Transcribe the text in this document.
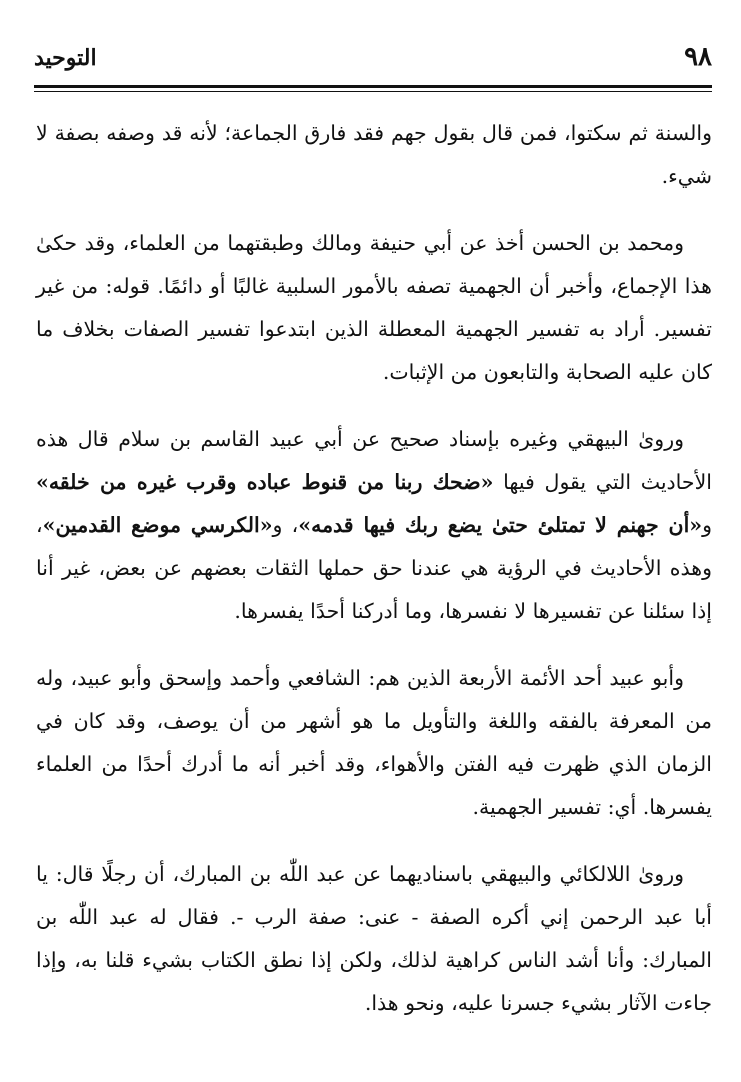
٩٨
التوحيد

والسنة ثم سكتوا، فمن قال بقول جهم فقد فارق الجماعة؛ لأنه قد وصفه بصفة لا شيء.

ومحمد بن الحسن أخذ عن أبي حنيفة ومالك وطبقتهما من العلماء، وقد حكىٰ هذا الإجماع، وأخبر أن الجهمية تصفه بالأمور السلبية غالبًا أو دائمًا. قوله: من غير تفسير. أراد به تفسير الجهمية المعطلة الذين ابتدعوا تفسير الصفات بخلاف ما كان عليه الصحابة والتابعون من الإثبات.

ورویٰ البيهقي وغيره بإسناد صحيح عن أبي عبيد القاسم بن سلام قال هذه الأحاديث التي يقول فيها «ضحك ربنا من قنوط عباده وقرب غيره من خلقه» و«أن جهنم لا تمتلئ حتىٰ يضع ربك فيها قدمه»، و«الكرسي موضع القدمين»، وهذه الأحاديث في الرؤية هي عندنا حق حملها الثقات بعضهم عن بعض، غير أنا إذا سئلنا عن تفسيرها لا نفسرها، وما أدركنا أحدًا يفسرها.

وأبو عبيد أحد الأئمة الأربعة الذين هم: الشافعي وأحمد وإسحق وأبو عبيد، وله من المعرفة بالفقه واللغة والتأويل ما هو أشهر من أن يوصف، وقد كان في الزمان الذي ظهرت فيه الفتن والأهواء، وقد أخبر أنه ما أدرك أحدًا من العلماء يفسرها. أي: تفسير الجهمية.

ورویٰ اللالكائي والبيهقي باسناديهما عن عبد اللّٰه بن المبارك، أن رجلًا قال: يا أبا عبد الرحمن إني أكره الصفة - عنى: صفة الرب -. فقال له عبد اللّٰه بن المبارك: وأنا أشد الناس كراهية لذلك، ولكن إذا نطق الكتاب بشيء قلنا به، وإذا جاءت الآثار بشيء جسرنا عليه، ونحو هذا.
